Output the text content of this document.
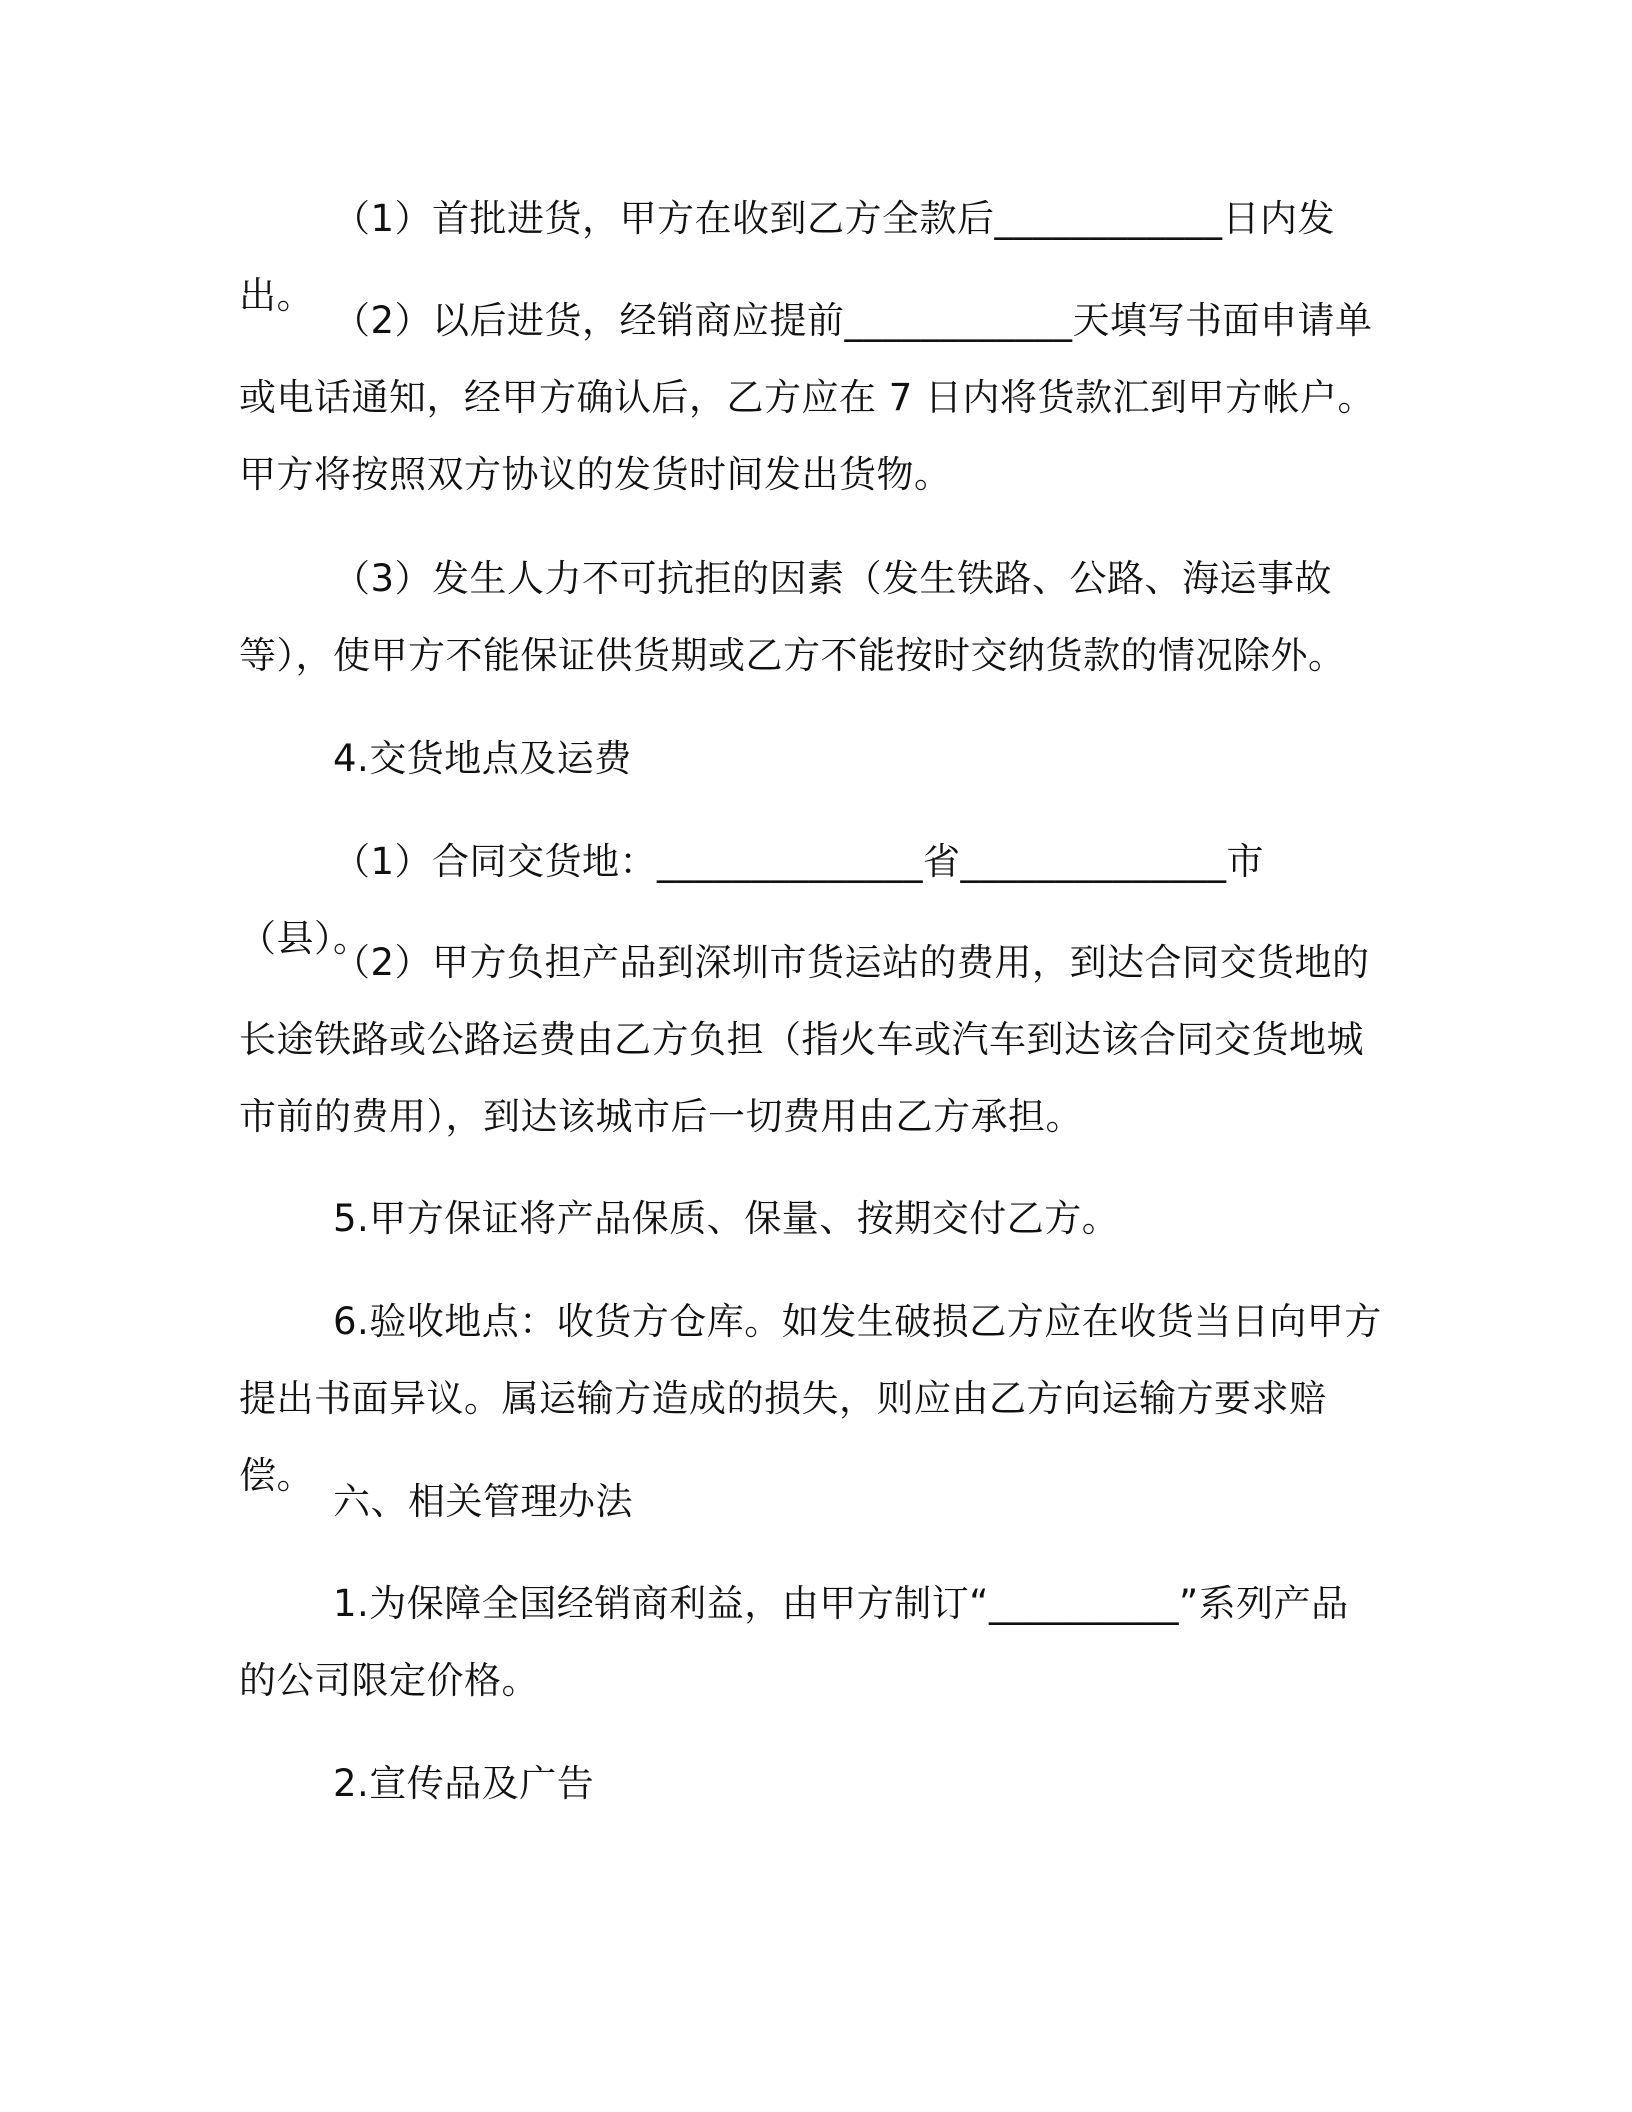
（1）首批进货，甲方在收到乙方全款后____________日内发出。

（2）以后进货，经销商应提前____________天填写书面申请单
或电话通知，经甲方确认后，乙方应在 7 日内将货款汇到甲方帐户。
甲方将按照双方协议的发货时间发出货物。

（3）发生人力不可抗拒的因素（发生铁路、公路、海运事故
等），使甲方不能保证供货期或乙方不能按时交纳货款的情况除外。

4.交货地点及运费

（1）合同交货地：______________省______________市（县）。

（2）甲方负担产品到深圳市货运站的费用，到达合同交货地的
长途铁路或公路运费由乙方负担（指火车或汽车到达该合同交货地城
市前的费用），到达该城市后一切费用由乙方承担。

5.甲方保证将产品保质、保量、按期交付乙方。

6.验收地点：收货方仓库。如发生破损乙方应在收货当日向甲方
提出书面异议。属运输方造成的损失，则应由乙方向运输方要求赔偿。

六、相关管理办法

1.为保障全国经销商利益，由甲方制订“__________”系列产品
的公司限定价格。

2.宣传品及广告
